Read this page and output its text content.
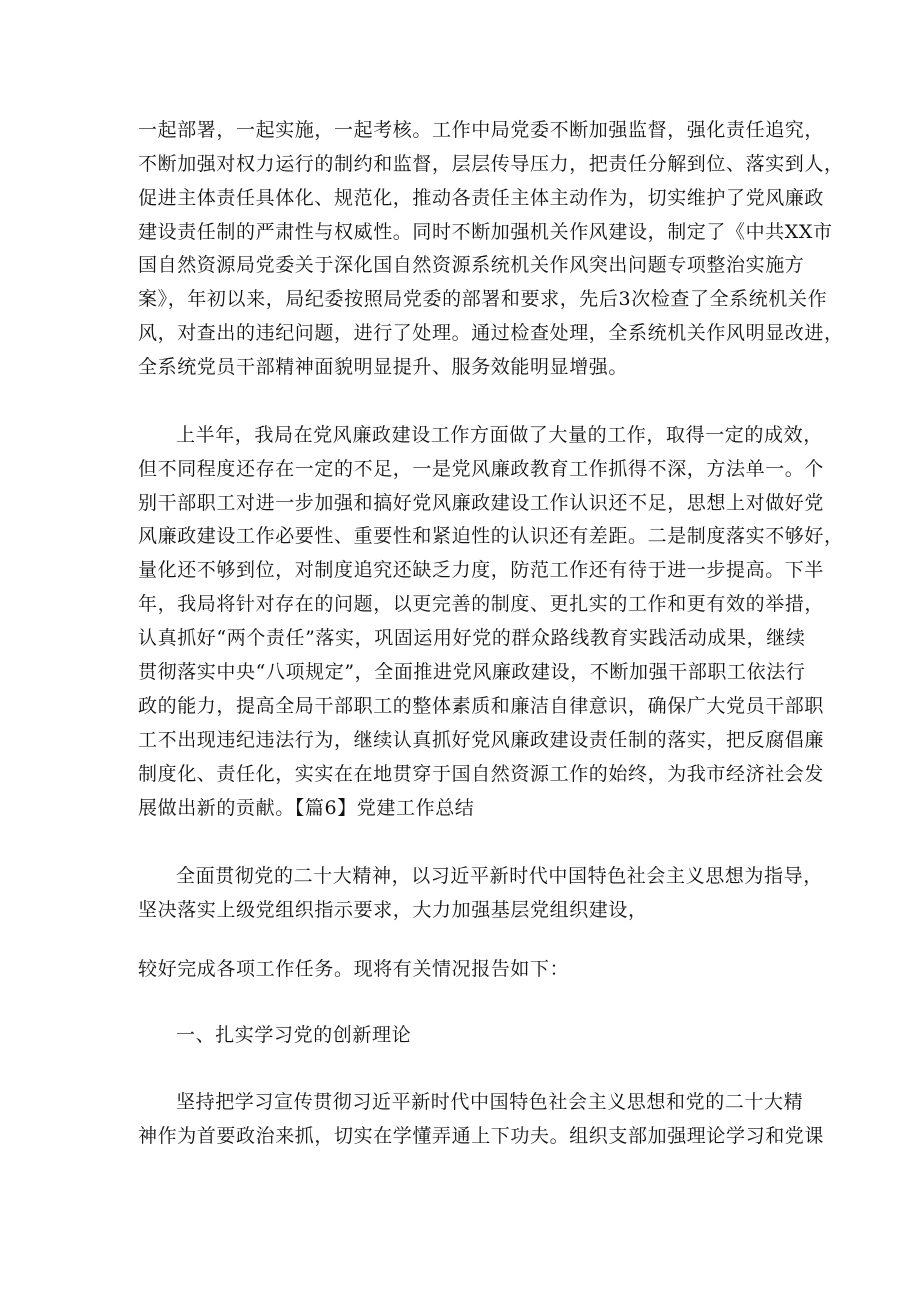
一起部署，一起实施，一起考核。工作中局党委不断加强监督，强化责任追究，

不断加强对权力运行的制约和监督，层层传导压力，把责任分解到位、落实到人，

促进主体责任具体化、规范化，推动各责任主体主动作为，切实维护了党风廉政

建设责任制的严肃性与权威性。同时不断加强机关作风建设，制定了《中共XX市

国自然资源局党委关于深化国自然资源系统机关作风突出问题专项整治实施方

案》，年初以来，局纪委按照局党委的部署和要求，先后3次检查了全系统机关作

风，对查出的违纪问题，进行了处理。通过检查处理，全系统机关作风明显改进，

全系统党员干部精神面貌明显提升、服务效能明显增强。

上半年，我局在党风廉政建设工作方面做了大量的工作，取得一定的成效，

但不同程度还存在一定的不足，一是党风廉政教育工作抓得不深，方法单一。个

别干部职工对进一步加强和搞好党风廉政建设工作认识还不足，思想上对做好党

风廉政建设工作必要性、重要性和紧迫性的认识还有差距。二是制度落实不够好，

量化还不够到位，对制度追究还缺乏力度，防范工作还有待于进一步提高。下半

年，我局将针对存在的问题，以更完善的制度、更扎实的工作和更有效的举措，

认真抓好“两个责任”落实，巩固运用好党的群众路线教育实践活动成果，继续

贯彻落实中央“八项规定”，全面推进党风廉政建设，不断加强干部职工依法行

政的能力，提高全局干部职工的整体素质和廉洁自律意识，确保广大党员干部职

工不出现违纪违法行为，继续认真抓好党风廉政建设责任制的落实，把反腐倡廉

制度化、责任化，实实在在地贯穿于国自然资源工作的始终，为我市经济社会发

展做出新的贡献。【篇6】党建工作总结

全面贯彻党的二十大精神，以习近平新时代中国特色社会主义思想为指导，

坚决落实上级党组织指示要求，大力加强基层党组织建设，

较好完成各项工作任务。现将有关情况报告如下：

一、扎实学习党的创新理论

坚持把学习宣传贯彻习近平新时代中国特色社会主义思想和党的二十大精

神作为首要政治来抓，切实在学懂弄通上下功夫。组织支部加强理论学习和党课
